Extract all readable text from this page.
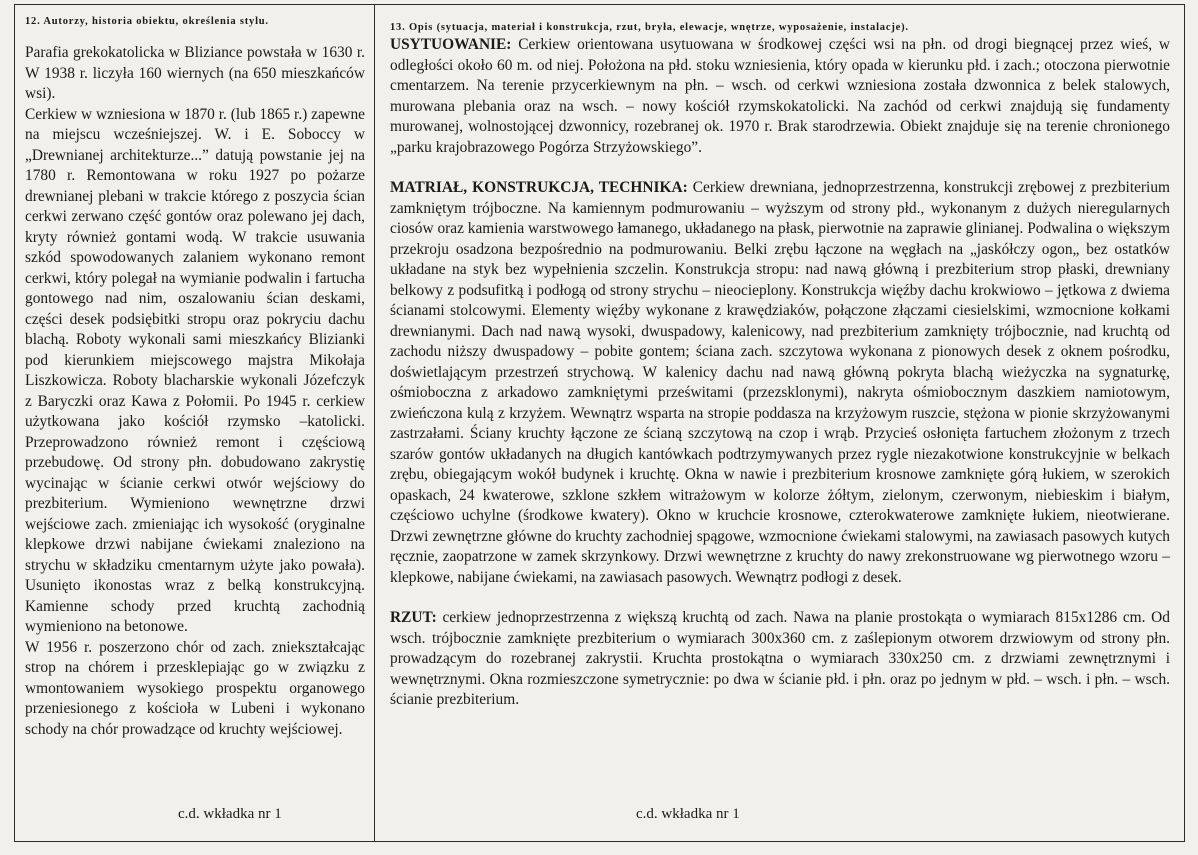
12. Autorzy, historia obiektu, określenia stylu.

Parafia grekokatolicka w Bliziance powstała w 1630 r. W 1938 r. liczyła 160 wiernych (na 650 mieszkańców wsi).

Cerkiew w wzniesiona w 1870 r. (lub 1865 r.) zapewne na miejscu wcześniejszej. W. i E. Soboccy w „Drewnianej architekturze...” datują powstanie jej na 1780 r. Remontowana w roku 1927 po pożarze drewnianej plebani w trakcie którego z poszycia ścian cerkwi zerwano część gontów oraz polewano jej dach, kryty również gontami wodą. W trakcie usuwania szkód spowodowanych zalaniem wykonano remont cerkwi, który polegał na wymianie podwalin i fartucha gontowego nad nim, oszalowaniu ścian deskami, części desek podsiębitki stropu oraz pokryciu dachu blachą. Roboty wykonali sami mieszkańcy Blizianki pod kierunkiem miejscowego majstra Mikołaja Liszkowicza. Roboty blacharskie wykonali Józefczyk z Baryczki oraz Kawa z Połomii. Po 1945 r. cerkiew użytkowana jako kościół rzymsko –katolicki. Przeprowadzono również remont i częściową przebudowę. Od strony płn. dobudowano zakrystię wycinając w ścianie cerkwi otwór wejściowy do prezbiterium. Wymieniono wewnętrzne drzwi wejściowe zach. zmieniając ich wysokość (oryginalne klepkowe drzwi nabijane ćwiekami znaleziono na strychu w składziku cmentarnym użyte jako powała). Usunięto ikonostas wraz z belką konstrukcyjną. Kamienne schody przed kruchtą zachodnią wymieniono na betonowe.

W 1956 r. poszerzono chór od zach. zniekształcając strop na chórem i przesklepiając go w związku z wmontowaniem wysokiego prospektu organowego przeniesionego z kościoła w Lubeni i wykonano schody na chór prowadzące od kruchty wejściowej.

13. Opis (sytuacja, materiał i konstrukcja, rzut, bryła, elewacje, wnętrze, wyposażenie, instalacje).

USYTUOWANIE: Cerkiew orientowana usytuowana w środkowej części wsi na płn. od drogi biegnącej przez wieś, w odległości około 60 m. od niej. Położona na płd. stoku wzniesienia, który opada w kierunku płd. i zach.; otoczona pierwotnie cmentarzem. Na terenie przycerkiewnym na płn. – wsch. od cerkwi wzniesiona została dzwonnica z belek stalowych, murowana plebania oraz na wsch. – nowy kościół rzymskokatolicki. Na zachód od cerkwi znajdują się fundamenty murowanej, wolnostojącej dzwonnicy, rozebranej ok. 1970 r. Brak starodrzewia. Obiekt znajduje się na terenie chronionego „parku krajobrazowego Pogórza Strzyżowskiego”.

MATRIAŁ, KONSTRUKCJA, TECHNIKA: Cerkiew drewniana, jednoprzestrzenna, konstrukcji zrębowej z prezbiterium zamkniętym trójboczne. Na kamiennym podmurowaniu – wyższym od strony płd., wykonanym z dużych nieregularnych ciosów oraz kamienia warstwowego łamanego, układanego na płask, pierwotnie na zaprawie glinianej. Podwalina o większym przekroju osadzona bezpośrednio na podmurowaniu. Belki zrębu łączone na węgłach na „jaskółczy ogon„ bez ostatków układane na styk bez wypełnienia szczelin. Konstrukcja stropu: nad nawą główną i prezbiterium strop płaski, drewniany belkowy z podsufitką i podłogą od strony strychu – nieocieplony. Konstrukcja więźby dachu krokwiowo – jętkowa z dwiema ścianami stolcowymi. Elementy więźby wykonane z krawędziaków, połączone złączami ciesielskimi, wzmocnione kołkami drewnianymi. Dach nad nawą wysoki, dwuspadowy, kalenicowy, nad prezbiterium zamknięty trójbocznie, nad kruchtą od zachodu niższy dwuspadowy – pobite gontem; ściana zach. szczytowa wykonana z pionowych desek z oknem pośrodku, doświetlającym przestrzeń strychową. W kalenicy dachu nad nawą główną pokryta blachą wieżyczka na sygnaturkę, ośmioboczna z arkadowo zamkniętymi prześwitami (przezsklonymi), nakryta ośmiobocznym daszkiem namiotowym, zwieńczona kulą z krzyżem. Wewnątrz wsparta na stropie poddasza na krzyżowym ruszcie, stężona w pionie skrzyżowanymi zastrzałami. Ściany kruchty łączone ze ścianą szczytową na czop i wrąb. Przycieś osłonięta fartuchem złożonym z trzech szarów gontów układanych na długich kantówkach podtrzymywanych przez rygle niezakotwione konstrukcyjnie w belkach zrębu, obiegającym wokół budynek i kruchtę. Okna w nawie i prezbiterium krosnowe zamknięte górą łukiem, w szerokich opaskach, 24 kwaterowe, szklone szkłem witrażowym w kolorze żółtym, zielonym, czerwonym, niebieskim i białym, częściowo uchylne (środkowe kwatery). Okno w kruchcie krosnowe, czterokwaterowe zamknięte łukiem, nieotwierane. Drzwi zewnętrzne główne do kruchty zachodniej spągowe, wzmocnione ćwiekami stalowymi, na zawiasach pasowych kutych ręcznie, zaopatrzone w zamek skrzynkowy. Drzwi wewnętrzne z kruchty do nawy zrekonstruowane wg pierwotnego wzoru – klepkowe, nabijane ćwiekami, na zawiasach pasowych. Wewnątrz podłogi z desek.

RZUT: cerkiew jednoprzestrzenna z większą kruchtą od zach. Nawa na planie prostokąta o wymiarach 815x1286 cm. Od wsch. trójbocznie zamknięte prezbiterium o wymiarach 300x360 cm. z zaślepionym otworem drzwiowym od strony płn. prowadzącym do rozebranej zakrystii. Kruchta prostokątna o wymiarach 330x250 cm. z drzwiami zewnętrznymi i wewnętrznymi. Okna rozmieszczone symetrycznie: po dwa w ścianie płd. i płn. oraz po jednym w płd. – wsch. i płn. – wsch. ścianie prezbiterium.

c.d. wkładka nr 1	c.d. wkładka nr 1
